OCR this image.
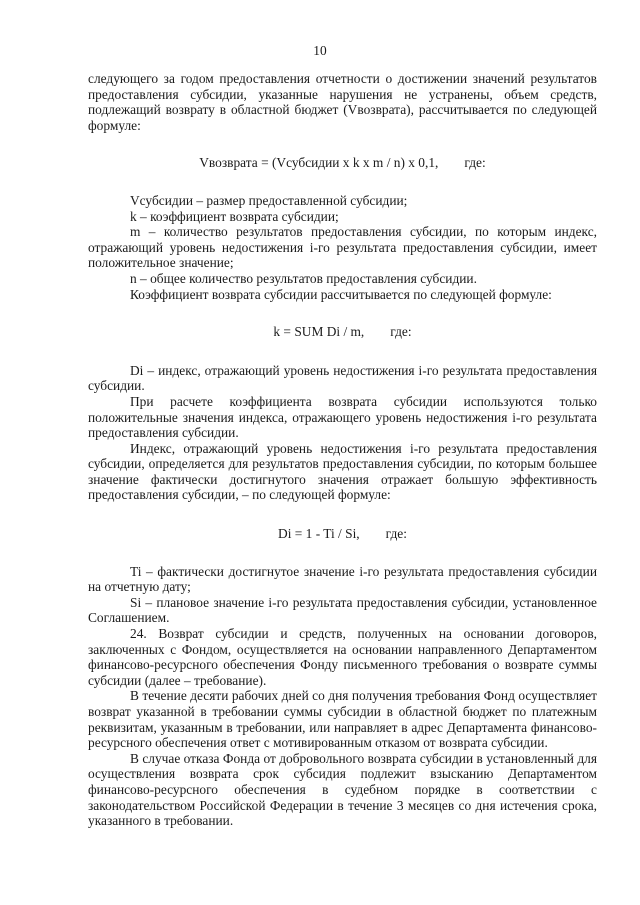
10

следующего за годом предоставления отчетности о достижении значений результатов предоставления субсидии, указанные нарушения не устранены, объем средств, подлежащий возврату в областной бюджет (Vвозврата), рассчитывается по следующей формуле:

Vвозврата = (Vсубсидии x k x m / n) x 0,1, где:

Vсубсидии – размер предоставленной субсидии;

k – коэффициент возврата субсидии;

m – количество результатов предоставления субсидии, по которым индекс, отражающий уровень недостижения i-го результата предоставления субсидии, имеет положительное значение;

n – общее количество результатов предоставления субсидии.

Коэффициент возврата субсидии рассчитывается по следующей формуле:

k = SUM Di / m, где:

Di – индекс, отражающий уровень недостижения i-го результата предоставления субсидии.

При расчете коэффициента возврата субсидии используются только положительные значения индекса, отражающего уровень недостижения i-го результата предоставления субсидии.

Индекс, отражающий уровень недостижения i-го результата предоставления субсидии, определяется для результатов предоставления субсидии, по которым большее значение фактически достигнутого значения отражает большую эффективность предоставления субсидии, – по следующей формуле:

Di = 1 - Ti / Si, где:

Ti – фактически достигнутое значение i-го результата предоставления субсидии на отчетную дату;

Si – плановое значение i-го результата предоставления субсидии, установленное Соглашением.

24. Возврат субсидии и средств, полученных на основании договоров, заключенных с Фондом, осуществляется на основании направленного Департаментом финансово-ресурсного обеспечения Фонду письменного требования о возврате суммы субсидии (далее – требование).

В течение десяти рабочих дней со дня получения требования Фонд осуществляет возврат указанной в требовании суммы субсидии в областной бюджет по платежным реквизитам, указанным в требовании, или направляет в адрес Департамента финансово-ресурсного обеспечения ответ с мотивированным отказом от возврата субсидии.

В случае отказа Фонда от добровольного возврата субсидии в установленный для осуществления возврата срок субсидия подлежит взысканию Департаментом финансово-ресурсного обеспечения в судебном порядке в соответствии с законодательством Российской Федерации в течение 3 месяцев со дня истечения срока, указанного в требовании.
